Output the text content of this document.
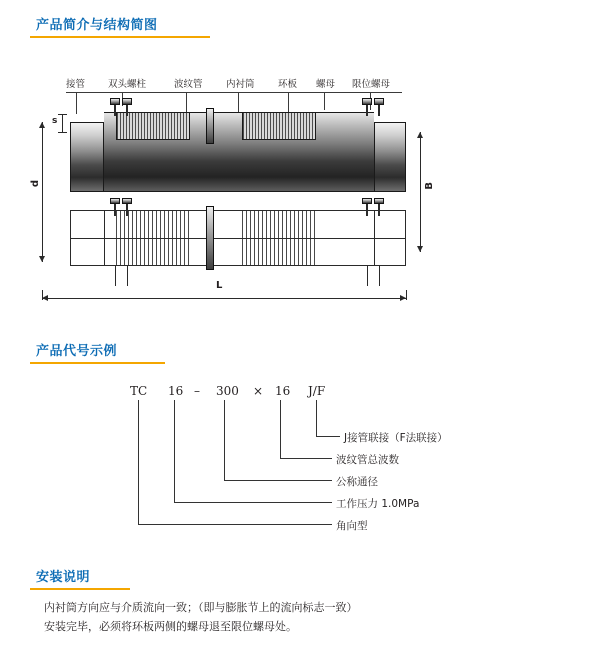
产品简介与结构简图
接管 双头螺柱	波纹管 内衬筒 环板 螺母 限位螺母
s
d	B
L
产品代号示例
TC 16 – 300 × 16 J/F
J接管联接（F法联接）
波纹管总波数
公称通径
工作压力 1.0MPa
角向型
安装说明
内衬筒方向应与介质流向一致；（即与膨胀节上的流向标志一致）
安装完毕，必须将环板两侧的螺母退至限位螺母处。
